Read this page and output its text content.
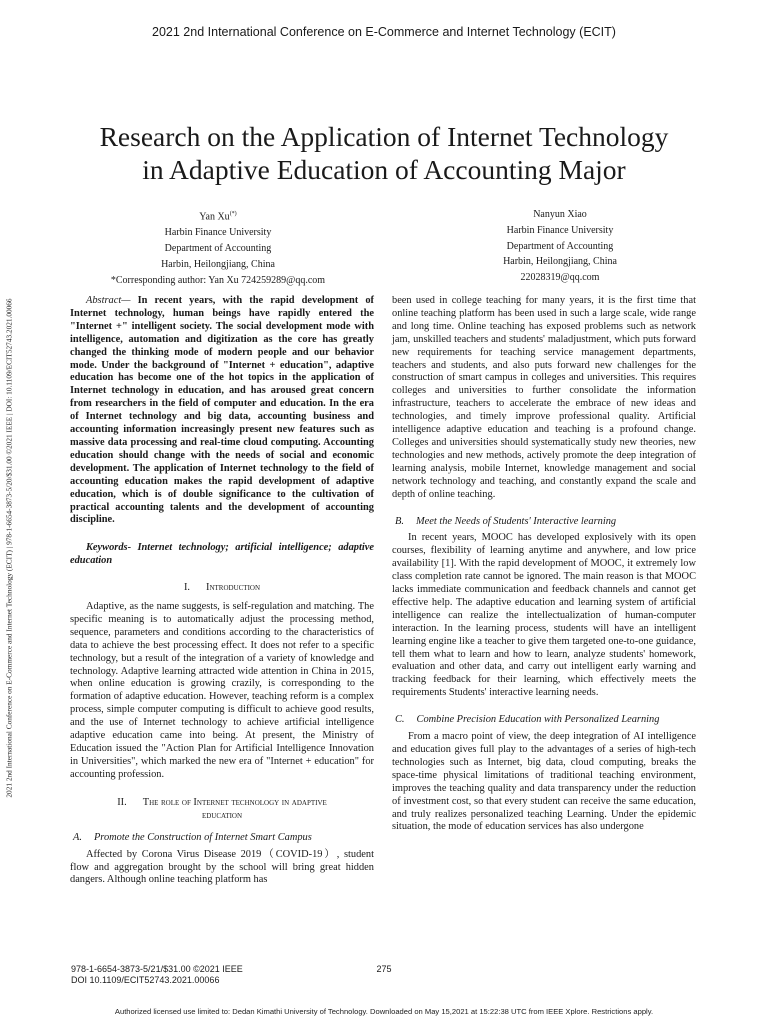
2021 2nd International Conference on E-Commerce and Internet Technology (ECIT)
2021 2nd International Conference on E-Commerce and Internet Technology (ECIT) | 978-1-6654-3873-5/20/$31.00 ©2021 IEEE | DOI: 10.1109/ECIT52743.2021.00066
Research on the Application of Internet Technology
in Adaptive Education of Accounting Major
Yan Xu(*)
Harbin Finance University
Department of Accounting
Harbin, Heilongjiang, China
*Corresponding author: Yan Xu 724259289@qq.com
Nanyun Xiao
Harbin Finance University
Department of Accounting
Harbin, Heilongjiang, China
22028319@qq.com

Abstract— In recent years, with the rapid development of Internet technology, human beings have rapidly entered the "Internet +" intelligent society. The social development mode with intelligence, automation and digitization as the core has greatly changed the thinking mode of modern people and our behavior mode. Under the background of "Internet + education", adaptive education has become one of the hot topics in the application of Internet technology in education, and has aroused great concern from researchers in the field of computer and education. In the era of Internet technology and big data, accounting business and accounting information increasingly present new features such as massive data processing and real-time cloud computing. Accounting education should change with the needs of social and economic development. The application of Internet technology to the field of accounting education makes the rapid development of adaptive education, which is of double significance to the cultivation of practical accounting talents and the development of accounting discipline.

Keywords- Internet technology; artificial intelligence; adaptive education

I. Introduction

Adaptive, as the name suggests, is self-regulation and matching. The specific meaning is to automatically adjust the processing method, sequence, parameters and conditions according to the characteristics of data to achieve the best processing effect. It does not refer to a specific technology, but a result of the integration of a variety of knowledge and technology. Adaptive learning attracted wide attention in China in 2015, when online education is growing crazily, is corresponding to the formation of adaptive education. However, teaching reform is a complex process, simple computer computing is difficult to achieve good results, and the use of Internet technology to achieve artificial intelligence adaptive education came into being. At present, the Ministry of Education issued the "Action Plan for Artificial Intelligence Innovation in Universities", which marked the new era of "Internet + education" for accounting profession.

II. The role of Internet technology in adaptive
education
A. Promote the Construction of Internet Smart Campus

Affected by Corona Virus Disease 2019（COVID-19）, student flow and aggregation brought by the school will bring great hidden dangers. Although online teaching platform has

been used in college teaching for many years, it is the first time that online teaching platform has been used in such a large scale, wide range and long time. Online teaching has exposed problems such as network jam, unskilled teachers and students' maladjustment, which puts forward new requirements for teaching service management departments, teachers and students, and also puts forward new challenges for the construction of smart campus in colleges and universities. This requires colleges and universities to further consolidate the information infrastructure, teachers to accelerate the embrace of new ideas and technologies, and timely improve professional quality. Artificial intelligence adaptive education and teaching is a profound change. Colleges and universities should systematically study new theories, new technologies and new methods, actively promote the deep integration of learning analysis, mobile Internet, knowledge management and social network technology and teaching, and constantly expand the scale and depth of online teaching.

B. Meet the Needs of Students' Interactive learning

In recent years, MOOC has developed explosively with its open courses, flexibility of learning anytime and anywhere, and low price availability [1]. With the rapid development of MOOC, it extremely low class completion rate cannot be ignored. The main reason is that MOOC lacks immediate communication and feedback channels and cannot get effective help. The adaptive education and learning system of artificial intelligence can realize the intellectualization of human-computer interaction. In the learning process, students will have an intelligent learning engine like a teacher to give them targeted one-to-one guidance, tell them what to learn and how to learn, analyze students' homework, evaluation and other data, and carry out intelligent early warning and tracking feedback for their learning, which effectively meets the requirements Students' interactive learning needs.

C. Combine Precision Education with Personalized Learning

From a macro point of view, the deep integration of AI intelligence and education gives full play to the advantages of a series of high-tech technologies such as Internet, big data, cloud computing, breaks the space-time physical limitations of traditional teaching environment, improves the teaching quality and data transparency under the reduction of investment cost, so that every student can receive the same education, and truly realizes personalized teaching Learning. Under the epidemic situation, the mode of education services has also undergone

978-1-6654-3873-5/21/$31.00 ©2021 IEEE
DOI 10.1109/ECIT52743.2021.00066
275
Authorized licensed use limited to: Dedan Kimathi University of Technology. Downloaded on May 15,2021 at 15:22:38 UTC from IEEE Xplore. Restrictions apply.
